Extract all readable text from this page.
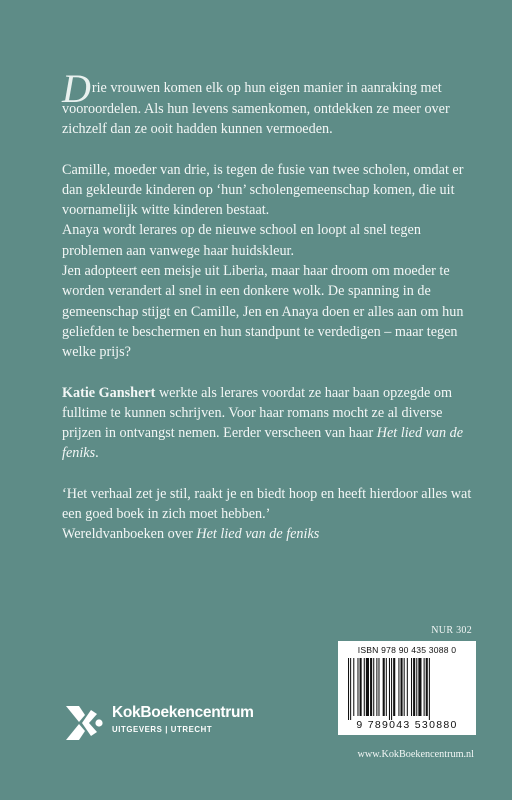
Drie vrouwen komen elk op hun eigen manier in aanraking met vooroordelen. Als hun levens samenkomen, ontdekken ze meer over zichzelf dan ze ooit hadden kunnen vermoeden.

Camille, moeder van drie, is tegen de fusie van twee scholen, omdat er dan gekleurde kinderen op ‘hun’ scholengemeenschap komen, die uit voornamelijk witte kinderen bestaat.

Anaya wordt lerares op de nieuwe school en loopt al snel tegen problemen aan vanwege haar huidskleur.

Jen adopteert een meisje uit Liberia, maar haar droom om moeder te worden verandert al snel in een donkere wolk. De spanning in de gemeenschap stijgt en Camille, Jen en Anaya doen er alles aan om hun geliefden te beschermen en hun standpunt te verdedigen – maar tegen welke prijs?

Katie Ganshert werkte als lerares voordat ze haar baan opzegde om fulltime te kunnen schrijven. Voor haar romans mocht ze al diverse prijzen in ontvangst nemen. Eerder verscheen van haar Het lied van de feniks.

‘Het verhaal zet je stil, raakt je en biedt hoop en heeft hierdoor alles wat een goed boek in zich moet hebben.’

Wereldvanboeken over Het lied van de feniks

NUR 302
ISBN 978 90 435 3088 0
9 789043 530880
KokBoekencentrum
UITGEVERS | UTRECHT
www.KokBoekencentrum.nl
